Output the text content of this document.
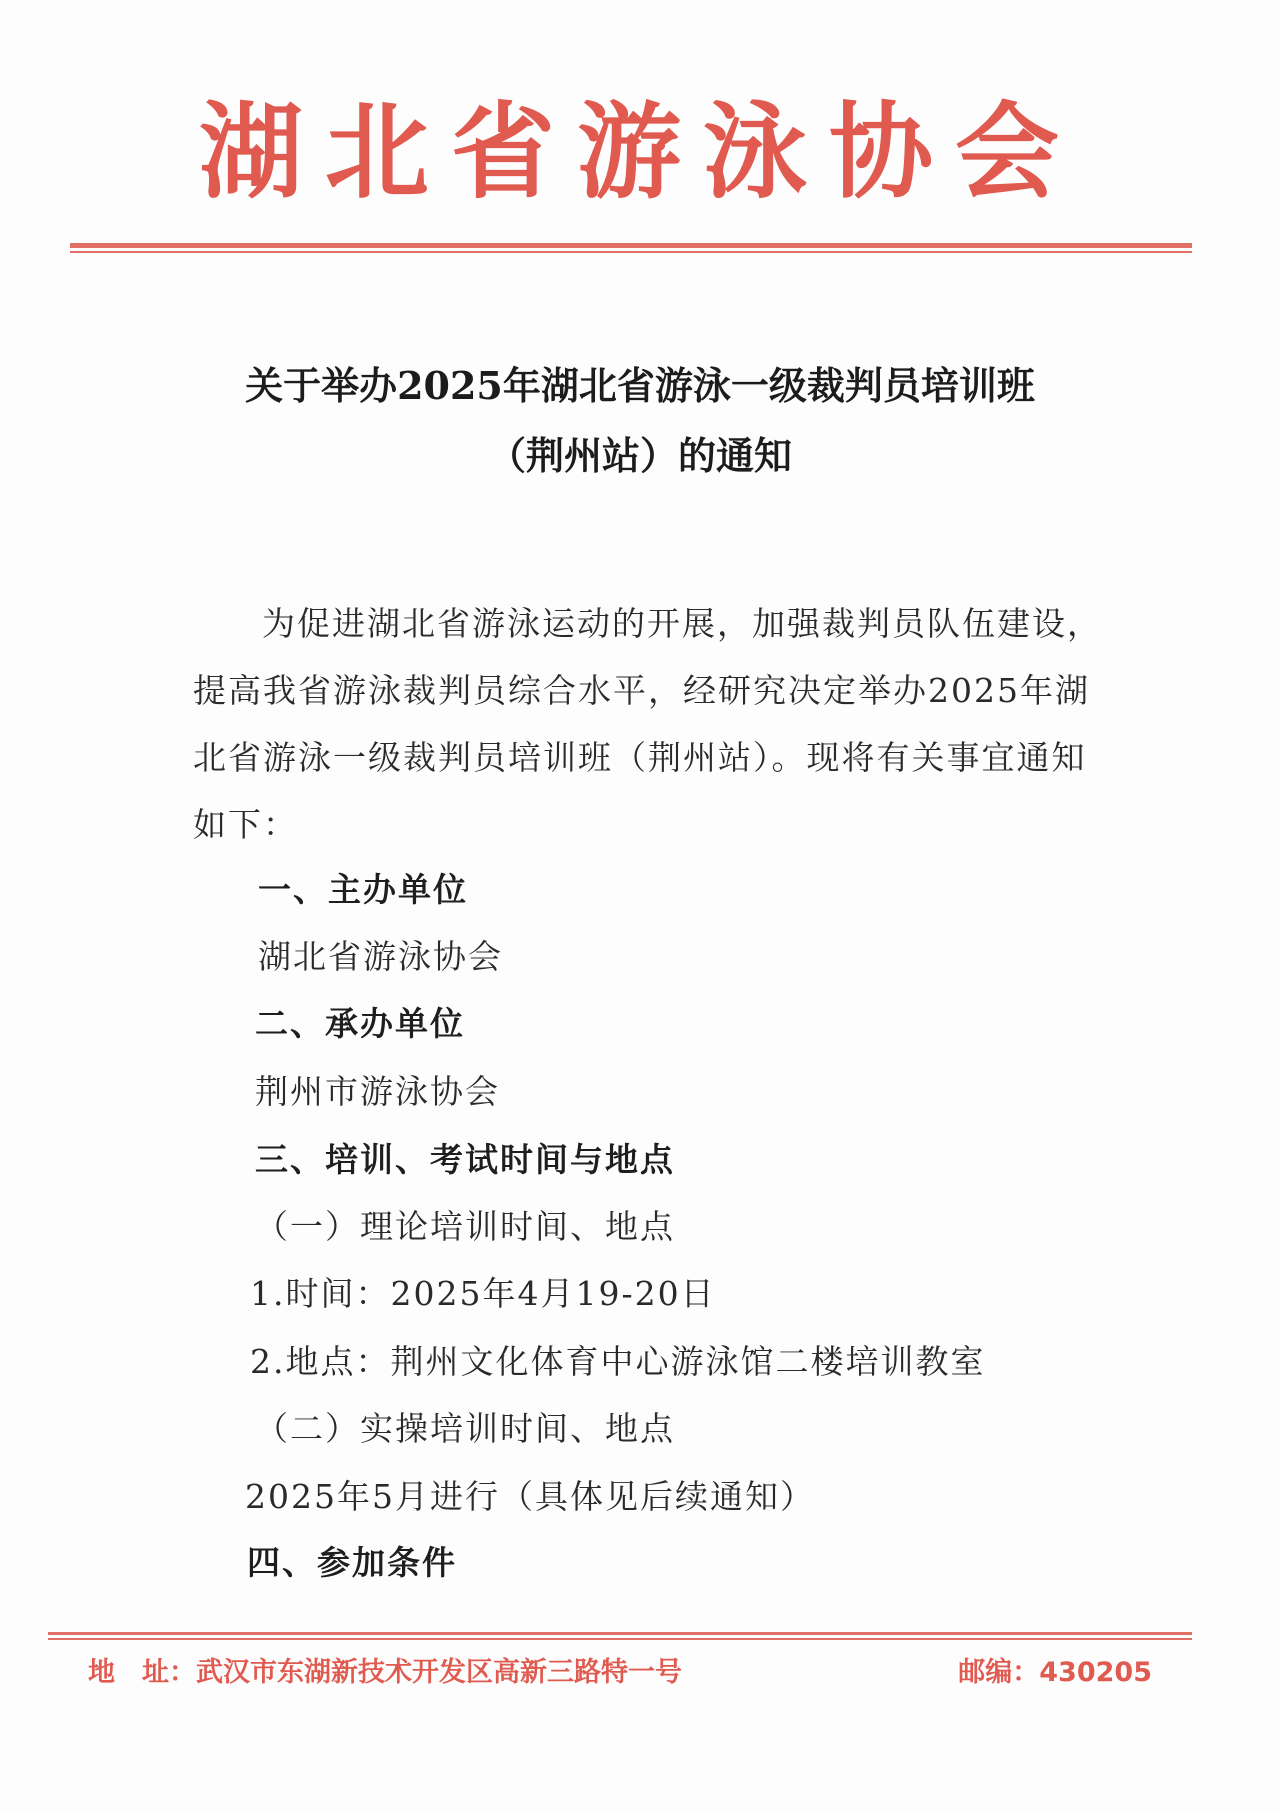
湖北省游泳协会
关于举办2025年湖北省游泳一级裁判员培训班
（荆州站）的通知
为促进湖北省游泳运动的开展，加强裁判员队伍建设，
提高我省游泳裁判员综合水平，经研究决定举办2025年湖
北省游泳一级裁判员培训班（荆州站）。现将有关事宜通知
如下：
一、主办单位
湖北省游泳协会
二、承办单位
荆州市游泳协会
三、培训、考试时间与地点
（一）理论培训时间、地点
1.时间：2025年4月19-20日
2.地点：荆州文化体育中心游泳馆二楼培训教室
（二）实操培训时间、地点
2025年5月进行（具体见后续通知）
四、参加条件
地　址：武汉市东湖新技术开发区高新三路特一号	邮编：430205
